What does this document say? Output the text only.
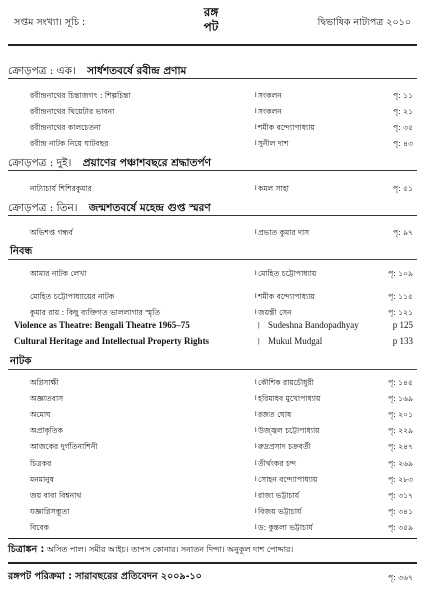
সপ্তম সংখ্যা। সূচি :
রঙ্গ
পট	দ্বিভাষিক নাট্যপত্র ২০১০
ক্রোড়পত্র : এক। সার্ধশতবর্ষে রবীন্দ্র প্রণাম
রবীন্দ্রনাথের চিন্তাজগৎ : শিল্পচিন্তা	। সংকলন	পৃ: ১১
রবীন্দ্রনাথের থিয়েটার ভাবনা	। সংকলন	পৃ: ২১
রবীন্দ্রনাথের কালচেতনা	। শমীক বন্দ্যোপাধ্যায়	পৃ: ৩৫
রবীন্দ্র নাটক নিয়ে ঘাটবছর	। সুনীল দাশ	পৃ: ৪৩
ক্রোড়পত্র : দুই। প্রয়াণের পঞ্চাশবছরে শ্রদ্ধাতর্পণ
নাট্যাচার্য শিশিরকুমার	। কমল সাহা	পৃ: ৫১
ক্রোড়পত্র : তিন। জন্মশতবর্ষে মহেন্দ্র গুপ্ত স্মরণ
অভিশপ্ত গন্ধর্ব	। প্রভাত কুমার দাস	পৃ: ৯৭
নিবন্ধ
আমার নাটক লেখা	। মোহিত চট্টোপাধ্যায়	পৃ: ১০৯
মোহিত চট্টোপাধ্যায়ের নাটক	। শমীক বন্দ্যোপাধ্যায়	পৃ: ১১৫
কুমার রায় : কিছু ব্যক্তিগত ভাললাগার স্মৃতি	। জয়ন্তী সেন	পৃ: ১২১
Violence as Theatre: Bengali Theatre 1965–75	| Sudeshna Bandopadhyay	p 125
Cultural Heritage and Intellectual Property Rights	| Mukul Mudgal	p 133
নাটক
অগ্নিসাক্ষী	। কৌশিক রায়চৌধুরী	পৃ: ১৪৫
অজ্ঞাতবাস	। হরিমাধব মুখোপাধ্যায়	পৃ: ১৬৯
অমোঘ	। রজত ঘোষ	পৃ: ২০১
অপ্রাকৃতিক	। উজ্জ্বল চট্টোপাধ্যায়	পৃ: ২২৯
আজকের দুর্গতিনাশিনী	। রুদ্রপ্রসাদ চক্রবর্তী	পৃ: ২৪৭
চিত্রকর	। তীর্থংকর চন্দ	পৃ: ২৬৯
মনমানুষ	। সোহন বন্দ্যোপাধ্যায়	পৃ: ২৮৩
জয় বাবা বিশ্বনাথ	। রাজা ভট্টাচার্য	পৃ: ৩১৭
যজ্ঞাগ্নিসম্ভূতা	। বিজয় ভট্টাচার্য	পৃ: ৩৪১
বিবেক	। ড: কুন্তলা ভট্টাচার্য	পৃ: ৩৫৯
চিত্রাঙ্কন : অসিত পাল। সমীর আইচ। তাপস কোনার। সনাতন দিন্দা। অনুকূল দাশ পোদ্দার।
রঙ্গপট পরিক্রমা : সারাবছরের প্রতিবেদন ২০০৯-১০	পৃ: ৩৬৭
